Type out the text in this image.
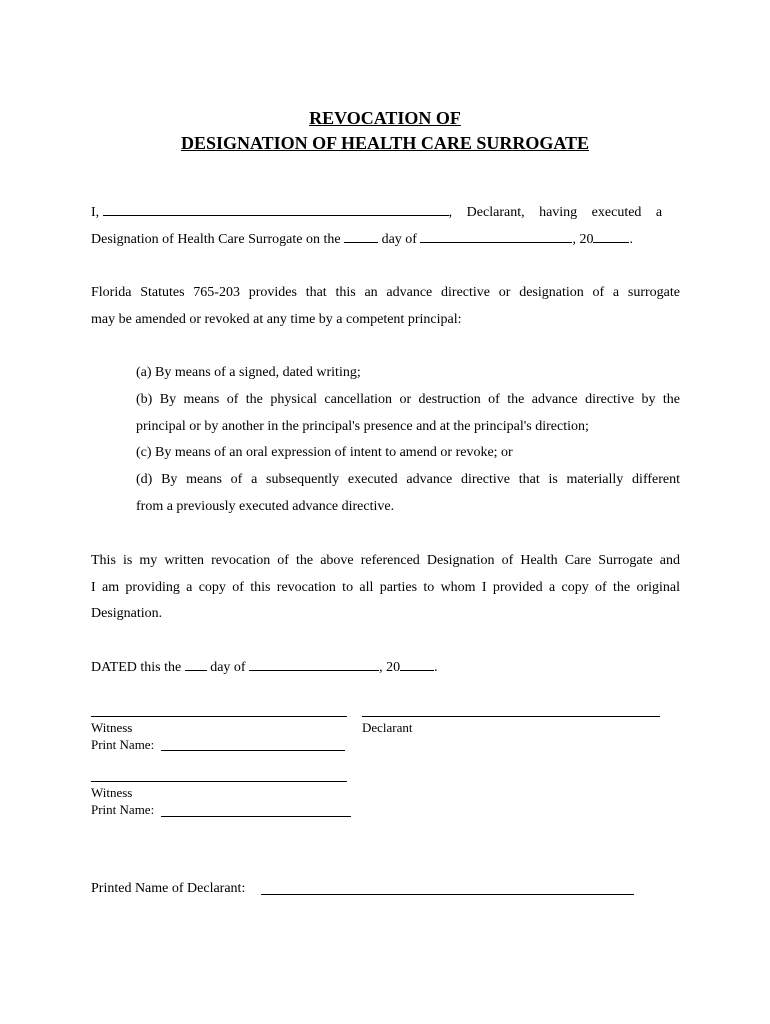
REVOCATION OF
DESIGNATION OF HEALTH CARE SURROGATE
I,	, Declarant, having executed a
Designation of Health Care Surrogate on the	day of	, 20	.
Florida Statutes 765-203 provides that this an advance directive or designation of a surrogate
may be amended or revoked at any time by a competent principal:
(a) By means of a signed, dated writing;
(b) By means of the physical cancellation or destruction of the advance directive by the
principal or by another in the principal's presence and at the principal's direction;
(c) By means of an oral expression of intent to amend or revoke; or
(d) By means of a subsequently executed advance directive that is materially different
from a previously executed advance directive.
This is my written revocation of the above referenced Designation of Health Care Surrogate and
I am providing a copy of this revocation to all parties to whom I provided a copy of the original
Designation.
DATED this the day of	, 20 .
Witness	Declarant
Print Name:
Witness
Print Name:
Printed Name of Declarant:
